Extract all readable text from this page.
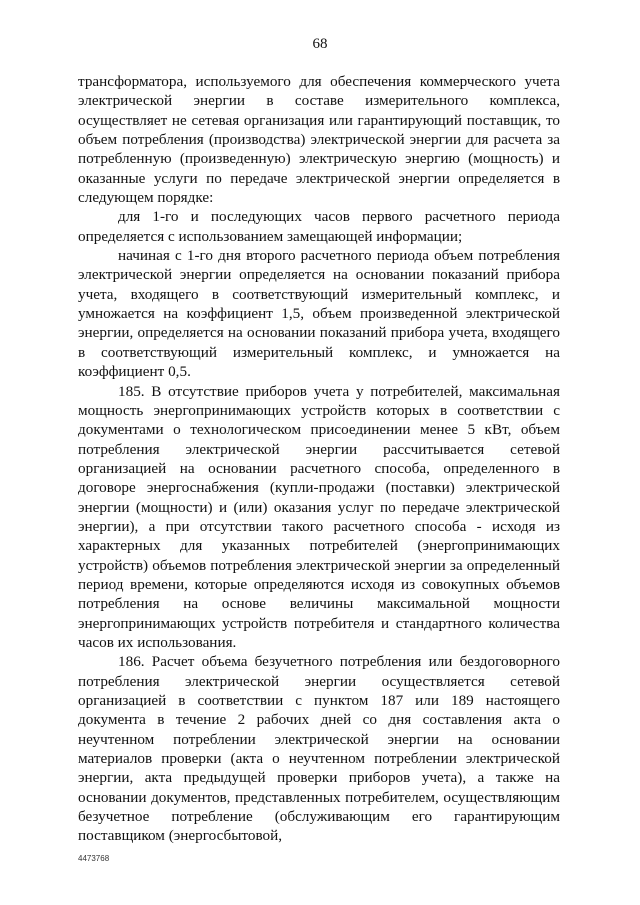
68

трансформатора, используемого для обеспечения коммерческого учета электрической энергии в составе измерительного комплекса, осуществляет не сетевая организация или гарантирующий поставщик, то объем потребления (производства) электрической энергии для расчета за потребленную (произведенную) электрическую энергию (мощность) и оказанные услуги по передаче электрической энергии определяется в следующем порядке:

для 1-го и последующих часов первого расчетного периода определяется с использованием замещающей информации;

начиная с 1-го дня второго расчетного периода объем потребления электрической энергии определяется на основании показаний прибора учета, входящего в соответствующий измерительный комплекс, и умножается на коэффициент 1,5, объем произведенной электрической энергии, определяется на основании показаний прибора учета, входящего в соответствующий измерительный комплекс, и умножается на коэффициент 0,5.

185. В отсутствие приборов учета у потребителей, максимальная мощность энергопринимающих устройств которых в соответствии с документами о технологическом присоединении менее 5 кВт, объем потребления электрической энергии рассчитывается сетевой организацией на основании расчетного способа, определенного в договоре энергоснабжения (купли-продажи (поставки) электрической энергии (мощности) и (или) оказания услуг по передаче электрической энергии), а при отсутствии такого расчетного способа - исходя из характерных для указанных потребителей (энергопринимающих устройств) объемов потребления электрической энергии за определенный период времени, которые определяются исходя из совокупных объемов потребления на основе величины максимальной мощности энергопринимающих устройств потребителя и стандартного количества часов их использования.

186. Расчет объема безучетного потребления или бездоговорного потребления электрической энергии осуществляется сетевой организацией в соответствии с пунктом 187 или 189 настоящего документа в течение 2 рабочих дней со дня составления акта о неучтенном потреблении электрической энергии на основании материалов проверки (акта о неучтенном потреблении электрической энергии, акта предыдущей проверки приборов учета), а также на основании документов, представленных потребителем, осуществляющим безучетное потребление (обслуживающим его гарантирующим поставщиком (энергосбытовой,

4473768
